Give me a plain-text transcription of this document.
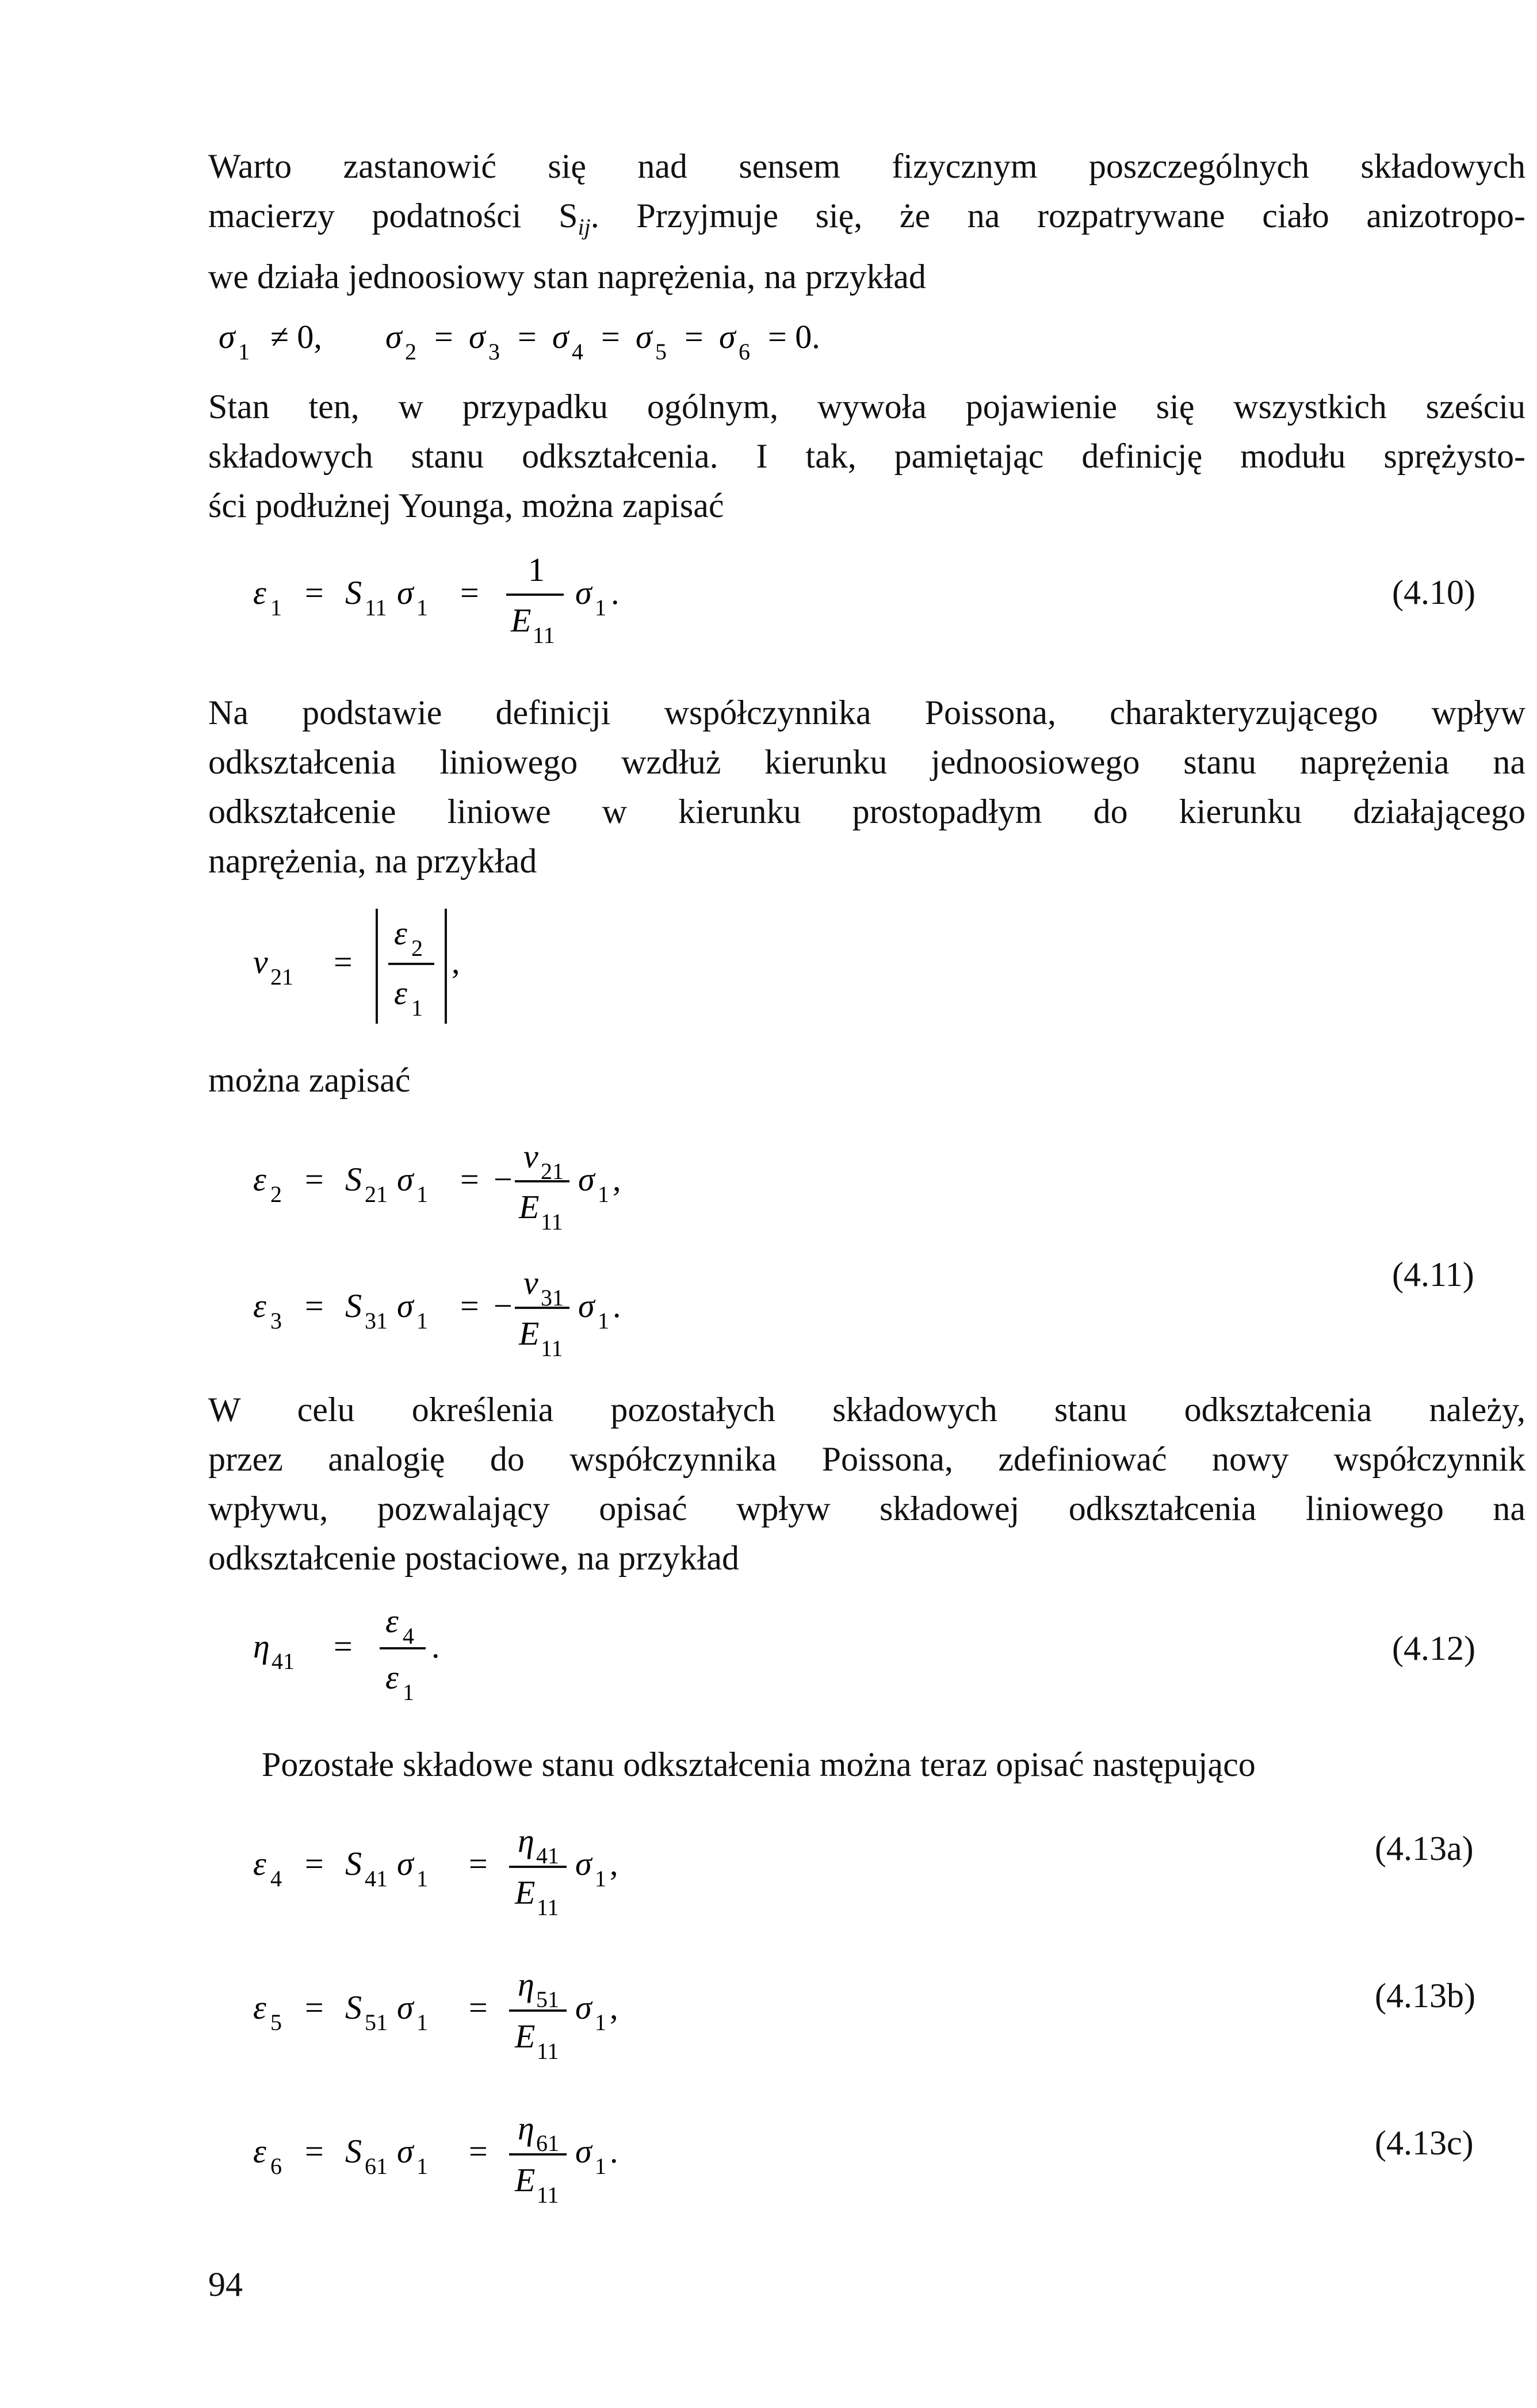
Warto zastanowić się nad sensem fizycznym poszczególnych składowych
macierzy podatności $S_{ij}$. Przyjmuje się, że na rozpatrywane ciało anizotropo-
we działa jednoosiowy stan naprężenia, na przykład
σ 1 ≠ 0, σ 2 = σ 3 = σ 4 = σ 5 = σ 6 = 0.
Stan ten, w przypadku ogólnym, wywoła pojawienie się wszystkich sześciu
składowych stanu odkształcenia. I tak, pamiętając definicję modułu sprężysto-
ści podłużnej Younga, można zapisać
ε 1 = S 11 σ 1 =
1
E 11
σ 1 .	(4.10)
Na podstawie definicji współczynnika Poissona, charakteryzującego wpływ
odkształcenia liniowego wzdłuż kierunku jednoosiowego stanu naprężenia na
odkształcenie liniowe w kierunku prostopadłym do kierunku działającego
naprężenia, na przykład
ν 21 =
ε 2
ε 1
,
można zapisać
ε 2 = S 21 σ 1 = −
ν 21
E 11
σ 1 ,
ε 3 = S 31 σ 1 = −
ν 31
E 11
σ 1 .
(4.11)
W celu określenia pozostałych składowych stanu odkształcenia należy,
przez analogię do współczynnika Poissona, zdefiniować nowy współczynnik
wpływu, pozwalający opisać wpływ składowej odkształcenia liniowego na
odkształcenie postaciowe, na przykład
η 41 =
ε 4
ε 1
.	(4.12)
Pozostałe składowe stanu odkształcenia można teraz opisać następująco
ε 4 = S 41 σ 1 =
η 41
E 11
σ 1 ,	(4.13a)
ε 5 = S 51 σ 1 =
η 51
E 11
σ 1 ,	(4.13b)
ε 6 = S 61 σ 1 =
η 61
E 11
σ 1 .	(4.13c)
94
